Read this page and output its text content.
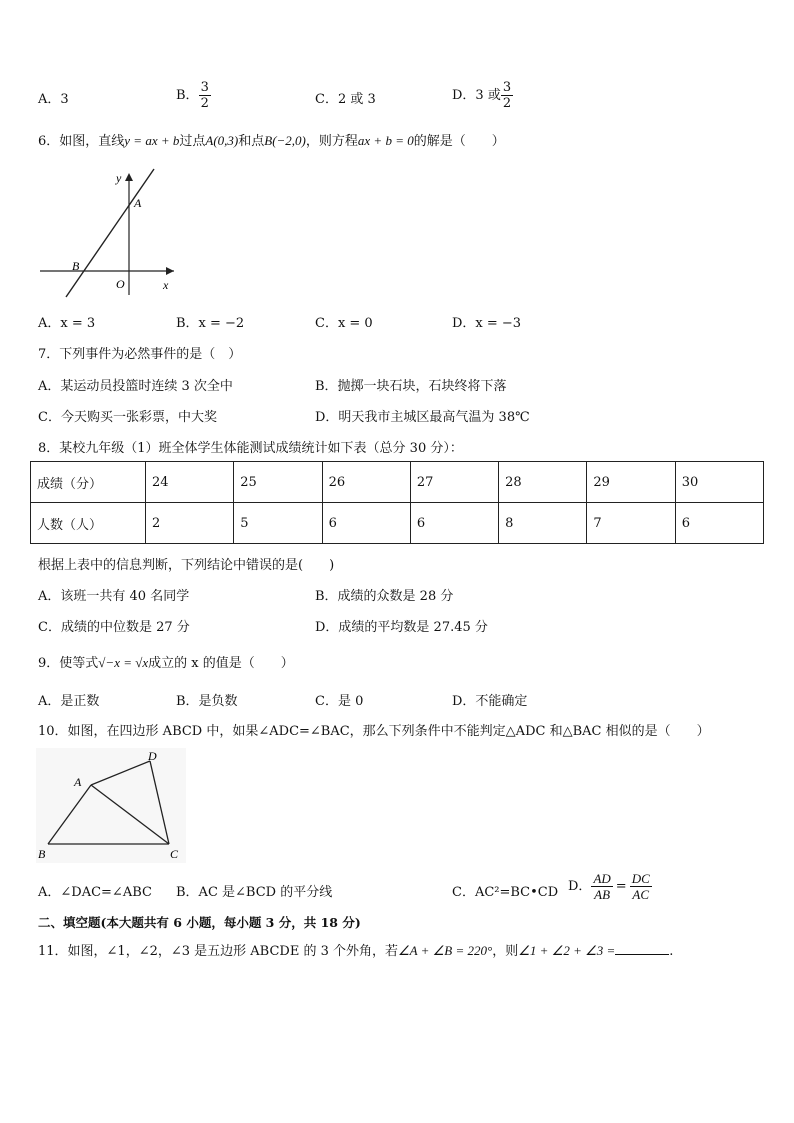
A．3	B． $\frac{3}{2}$	C．2 或 3	D．3 或 $\frac{3}{2}$
6．如图，直线y = ax + b过点A(0,3)和点B(−2,0)，则方程ax + b = 0的解是（　　）
y
x
A
B
O
A．x = 3	B．x = −2	C．x = 0	D．x = −3
7．下列事件为必然事件的是（　）
A．某运动员投篮时连续 3 次全中	B．抛掷一块石块，石块终将下落
C．今天购买一张彩票，中大奖	D．明天我市主城区最高气温为 38℃
8．某校九年级（1）班全体学生体能测试成绩统计如下表（总分 30 分）：
成绩（分）	24	25	26	27	28	29	30
人数（人）	2	5	6	6	8	7	6
根据上表中的信息判断，下列结论中错误的是(　　)
A．该班一共有 40 名同学	B．成绩的众数是 28 分
C．成绩的中位数是 27 分	D．成绩的平均数是 27.45 分
9．使等式√−x = √x成立的 x 的值是（　　）
A．是正数	B．是负数	C．是 0	D．不能确定
10．如图，在四边形 ABCD 中，如果∠ADC=∠BAC，那么下列条件中不能判定△ADC 和△BAC 相似的是（　　）
A
D
B	C
A．∠DAC=∠ABC B．AC 是∠BCD 的平分线	C．AC²=BC•CD D． $\frac{AD}{AB} = \frac{DC}{AC}$
二、填空题(本大题共有 6 小题，每小题 3 分，共 18 分)
11．如图，∠1，∠2，∠3 是五边形 ABCDE 的 3 个外角，若∠A + ∠B = 220°，则∠1 + ∠2 + ∠3 =	.
